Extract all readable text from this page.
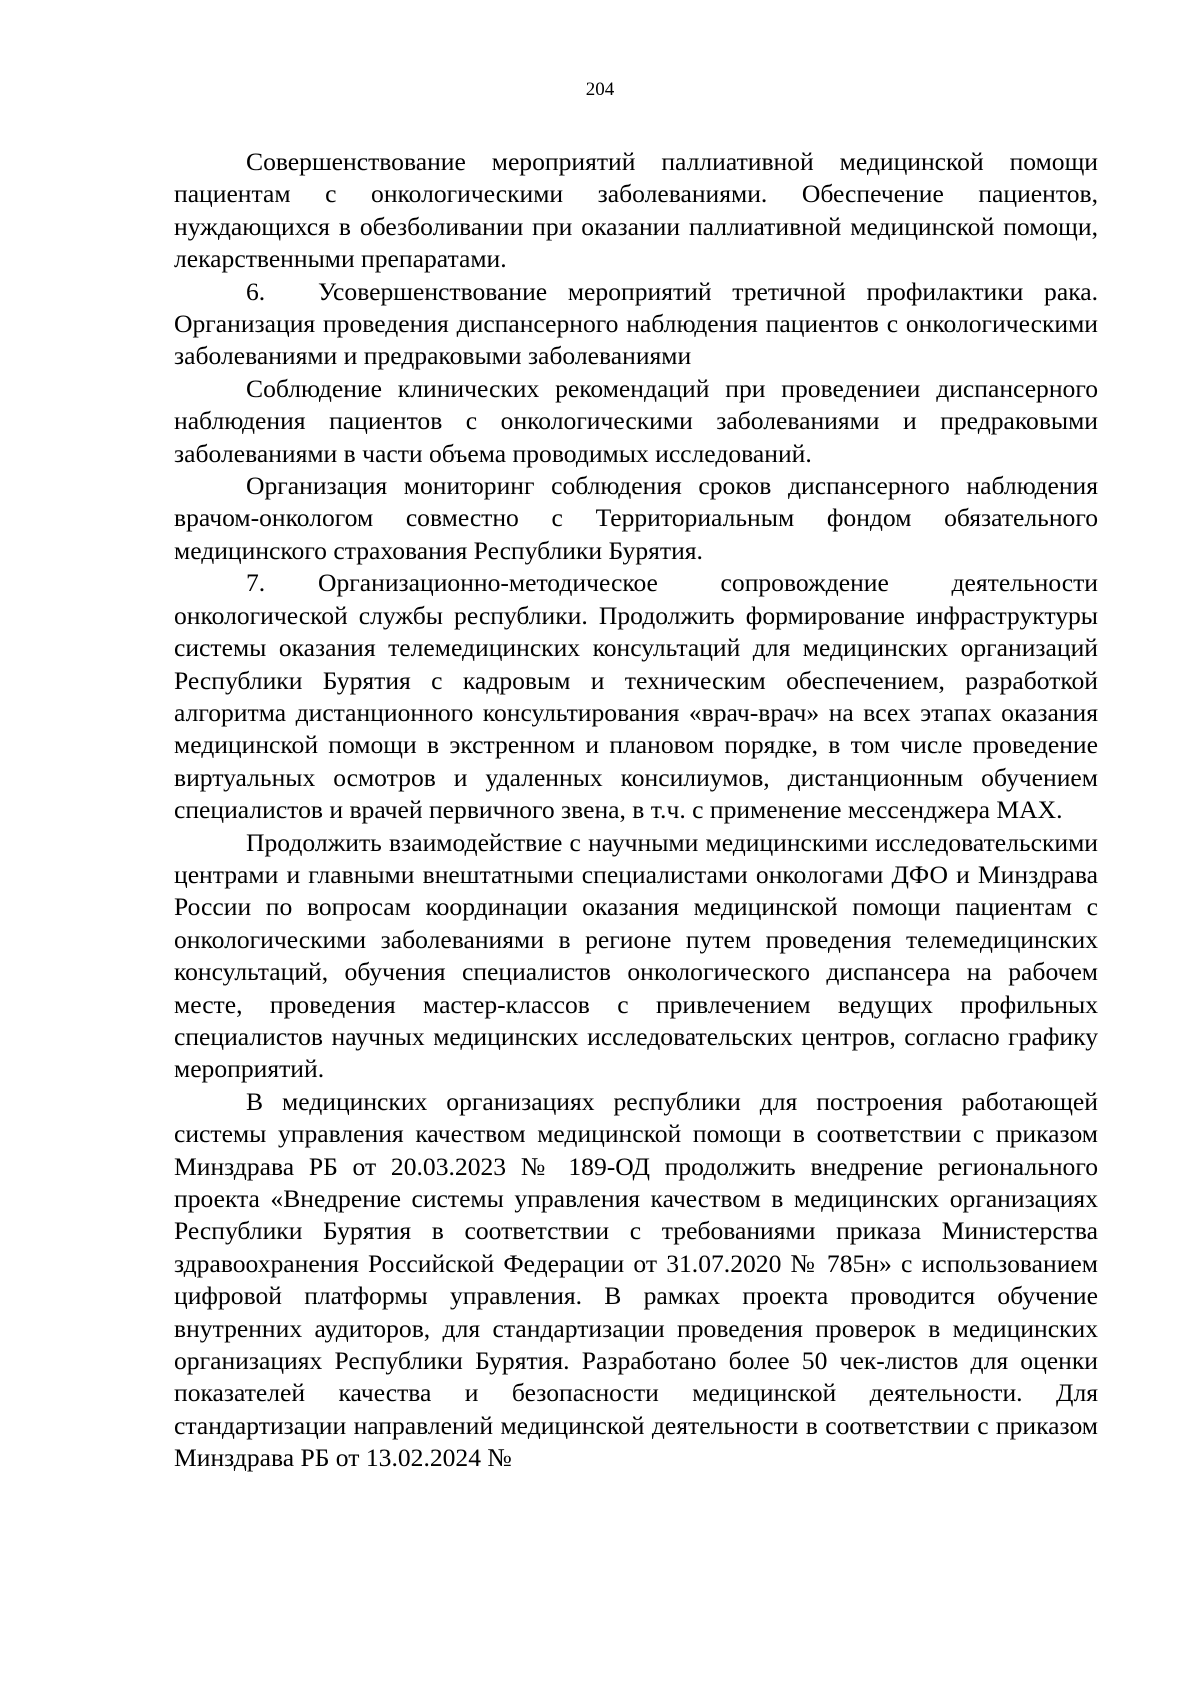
204

Совершенствование мероприятий паллиативной медицинской помощи пациентам с онкологическими заболеваниями. Обеспечение пациентов, нуждающихся в обезболивании при оказании паллиативной медицинской помощи, лекарственными препаратами.

6. Усовершенствование мероприятий третичной профилактики рака. Организация проведения диспансерного наблюдения пациентов с онкологическими заболеваниями и предраковыми заболеваниями

Соблюдение клинических рекомендаций при проведениеи диспансерного наблюдения пациентов с онкологическими заболеваниями и предраковыми заболеваниями в части объема проводимых исследований.

Организация мониторинг соблюдения сроков диспансерного наблюдения врачом-онкологом совместно с Территориальным фондом обязательного медицинского страхования Республики Бурятия.

7. Организационно-методическое сопровождение деятельности онкологической службы республики. Продолжить формирование инфраструктуры системы оказания телемедицинских консультаций для медицинских организаций Республики Бурятия с кадровым и техническим обеспечением, разработкой алгоритма дистанционного консультирования «врач-врач» на всех этапах оказания медицинской помощи в экстренном и плановом порядке, в том числе проведение виртуальных осмотров и удаленных консилиумов, дистанционным обучением специалистов и врачей первичного звена, в т.ч. с применение мессенджера MAX.

Продолжить взаимодействие с научными медицинскими исследовательскими центрами и главными внештатными специалистами онкологами ДФО и Минздрава России по вопросам координации оказания медицинской помощи пациентам с онкологическими заболеваниями в регионе путем проведения телемедицинских консультаций, обучения специалистов онкологического диспансера на рабочем месте, проведения мастер-классов с привлечением ведущих профильных специалистов научных медицинских исследовательских центров, согласно графику мероприятий.

В медицинских организациях республики для построения работающей системы управления качеством медицинской помощи в соответствии с приказом Минздрава РБ от 20.03.2023 № 189-ОД продолжить внедрение регионального проекта «Внедрение системы управления качеством в медицинских организациях Республики Бурятия в соответствии с требованиями приказа Министерства здравоохранения Российской Федерации от 31.07.2020 № 785н» с использованием цифровой платформы управления. В рамках проекта проводится обучение внутренних аудиторов, для стандартизации проведения проверок в медицинских организациях Республики Бурятия. Разработано более 50 чек-листов для оценки показателей качества и безопасности медицинской деятельности. Для стандартизации направлений медицинской деятельности в соответствии с приказом Минздрава РБ от 13.02.2024 №
